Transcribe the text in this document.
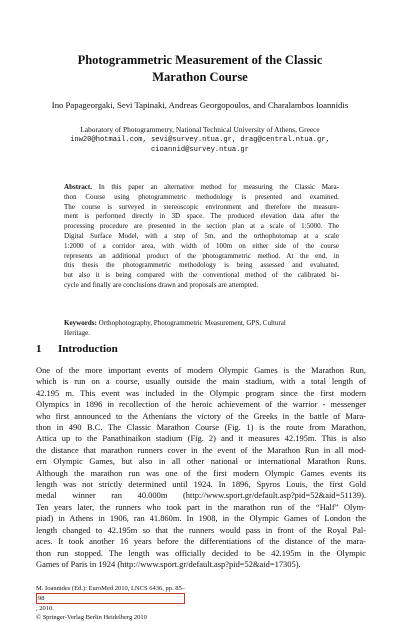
Photogrammetric Measurement of the Classic
Marathon Course
Ino Papageorgaki, Sevi Tapinaki, Andreas Georgopoulos, and Charalambos Ioannidis
Laboratory of Photogrammetry, National Technical University of Athens, Greece
inw20@hotmail.com, sevi@survey.ntua.gr, drag@central.ntua.gr,
cioannid@survey.ntua.gr
Abstract. In this paper an alternative method for measuring the Classic Mara-
thon Course using photogrammetric methodology is presented and examined.
The course is surveyed in stereoscopic environment and therefore the measure-
ment is performed directly in 3D space. The produced elevation data after the
processing procedure are presented in the section plan at a scale of 1:5000. The
Digital Surface Model, with a step of 5m, and the orthophotomap at a scale
1:2000 of a corridor area, with width of 100m on either side of the course
represents an additional product of the photogrammetric method. At the end, in
this thesis the photogrammetric methodology is being assessed and evaluated,
but also it is being compared with the conventional method of the calibrated bi-
cycle and finally are conclusions drawn and proposals are attempted.
Keywords: Orthophotography, Photogrammetric Measurement, GPS, Cultural
Heritage.
1 Introduction
One of the more important events of modern Olympic Games is the Marathon Run,
which is run on a course, usually outside the main stadium, with a total length of
42.195 m. This event was included in the Olympic program since the first modern
Olympics in 1896 in recollection of the heroic achievement of the warrior - messenger
who first announced to the Athenians the victory of the Greeks in the battle of Mara-
thon in 490 B.C. The Classic Marathon Course (Fig. 1) is the route from Marathon,
Attica up to the Panathinaikon stadium (Fig. 2) and it measures 42.195m. This is also
the distance that marathon runners cover in the event of the Marathon Run in all mod-
ern Olympic Games, but also in all other national or international Marathon Runs.
Although the marathon run was one of the first modern Olympic Games events its
length was not strictly determined until 1924. In 1896, Spyros Louis, the first Gold
medal winner ran 40.000m (http://www.sport.gr/default.asp?pid=52&aid=51139).
Ten years later, the runners who took part in the marathon run of the “Half” Olym-
piad) in Athens in 1906, ran 41.860m. In 1908, in the Olympic Games of London the
length changed to 42.195m so that the runners would pass in front of the Royal Pal-
aces. It took another 16 years before the differentiations of the distance of the mara-
thon run stopped. The length was officially decided to be 42.195m in the Olympic
Games of Paris in 1924 (http://www.sport.gr/default.asp?pid=52&aid=17305).
M. Ioannides (Ed.): EuroMed 2010, LNCS 6436, pp. 85–
98
, 2010.
© Springer-Verlag Berlin Heidelberg 2010
